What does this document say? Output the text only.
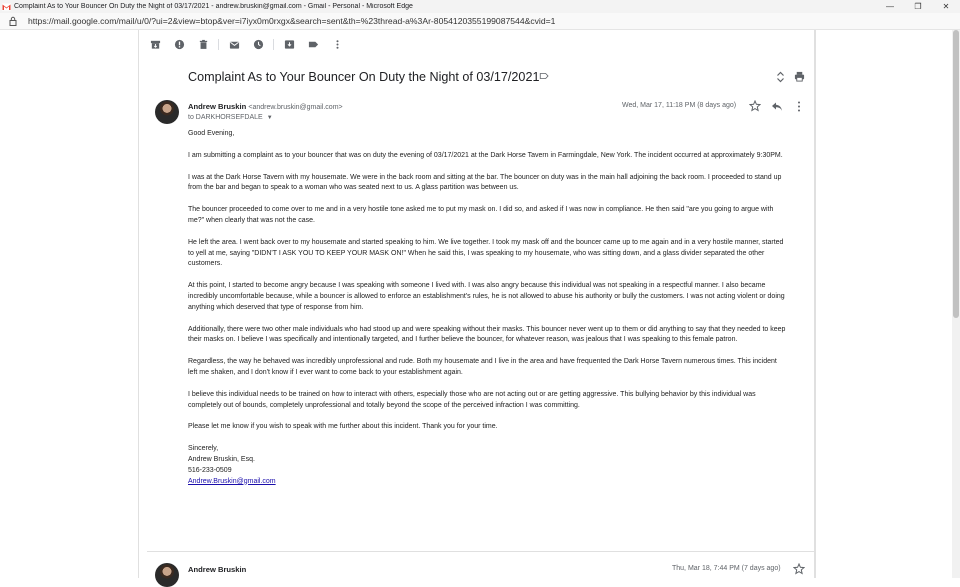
Complaint As to Your Bouncer On Duty the Night of 03/17/2021 - andrew.bruskin@gmail.com - Gmail - Personal - Microsoft Edge	—	❐	✕
https://mail.google.com/mail/u/0/?ui=2&view=btop&ver=i7iyx0m0rxgx&search=sent&th=%23thread-a%3Ar-8054120355199087544&cvid=1
Complaint As to Your Bouncer On Duty the Night of 03/17/2021
Andrew Bruskin <andrew.bruskin@gmail.com>
to DARKHORSEFDALE ▼
Wed, Mar 17, 11:18 PM (8 days ago)

Good Evening,

I am submitting a complaint as to your bouncer that was on duty the evening of 03/17/2021 at the Dark Horse Tavern in Farmingdale, New York. The incident occurred at approximately 9:30PM.

I was at the Dark Horse Tavern with my housemate. We were in the back room and sitting at the bar. The bouncer on duty was in the main hall adjoining the back room. I proceeded to stand up from the bar and began to speak to a woman who was seated next to us. A glass partition was between us.

The bouncer proceeded to come over to me and in a very hostile tone asked me to put my mask on. I did so, and asked if I was now in compliance. He then said "are you going to argue with me?" when clearly that was not the case.

He left the area. I went back over to my housemate and started speaking to him. We live together. I took my mask off and the bouncer came up to me again and in a very hostile manner, started to yell at me, saying "DIDN'T I ASK YOU TO KEEP YOUR MASK ON!" When he said this, I was speaking to my housemate, who was sitting down, and a glass divider separated the other customers.

At this point, I started to become angry because I was speaking with someone I lived with. I was also angry because this individual was not speaking in a respectful manner. I also became incredibly uncomfortable because, while a bouncer is allowed to enforce an establishment's rules, he is not allowed to abuse his authority or bully the customers. I was not acting violent or doing anything which deserved that type of response from him.

Additionally, there were two other male individuals who had stood up and were speaking without their masks. This bouncer never went up to them or did anything to say that they needed to keep their masks on. I believe I was specifically and intentionally targeted, and I further believe the bouncer, for whatever reason, was jealous that I was speaking to this female patron.

Regardless, the way he behaved was incredibly unprofessional and rude. Both my housemate and I live in the area and have frequented the Dark Horse Tavern numerous times. This incident left me shaken, and I don't know if I ever want to come back to your establishment again.

I believe this individual needs to be trained on how to interact with others, especially those who are not acting out or are getting aggressive. This bullying behavior by this individual was completely out of bounds, completely unprofessional and totally beyond the scope of the perceived infraction I was committing.

Please let me know if you wish to speak with me further about this incident. Thank you for your time.

Sincerely,

Andrew Bruskin, Esq.

516-233-0509

Andrew.Bruskin@gmail.com

Andrew Bruskin	Thu, Mar 18, 7:44 PM (7 days ago)
